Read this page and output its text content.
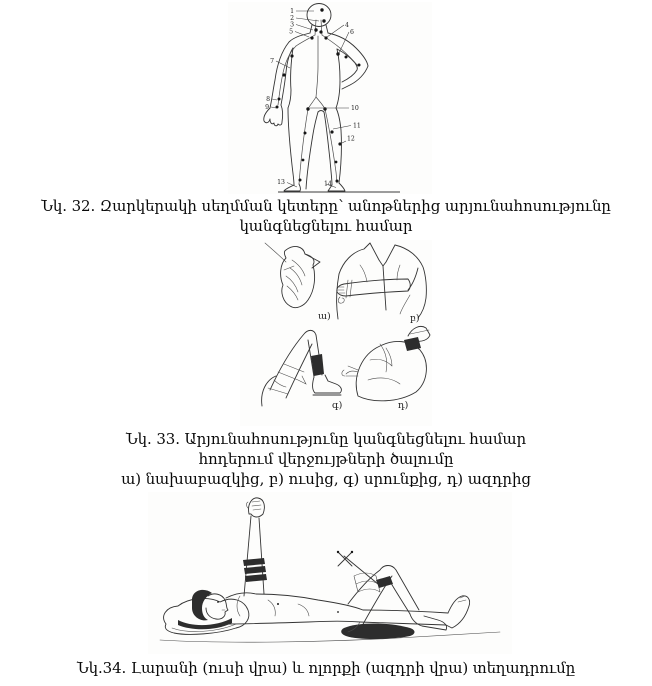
1
2
3
5
4
6
7
8
9	10
11
12
13	14
Նկ. 32. Զարկերակի սեղմման կետերը՝ անոթներից արյունահոսությունը կանգնեցնելու համար
ա)	բ)
գ)	դ)
Նկ. 33. Արյունահոսությունը կանգնեցնելու համար
հոդերում վերջույթների ծալումը
ա) նախաբազկից, բ) ուսից, գ) սրունքից, դ) ազդրից
Նկ.34. Լարանի (ուսի վրա) և ոլորքի (ազդրի վրա) տեղադրումը
